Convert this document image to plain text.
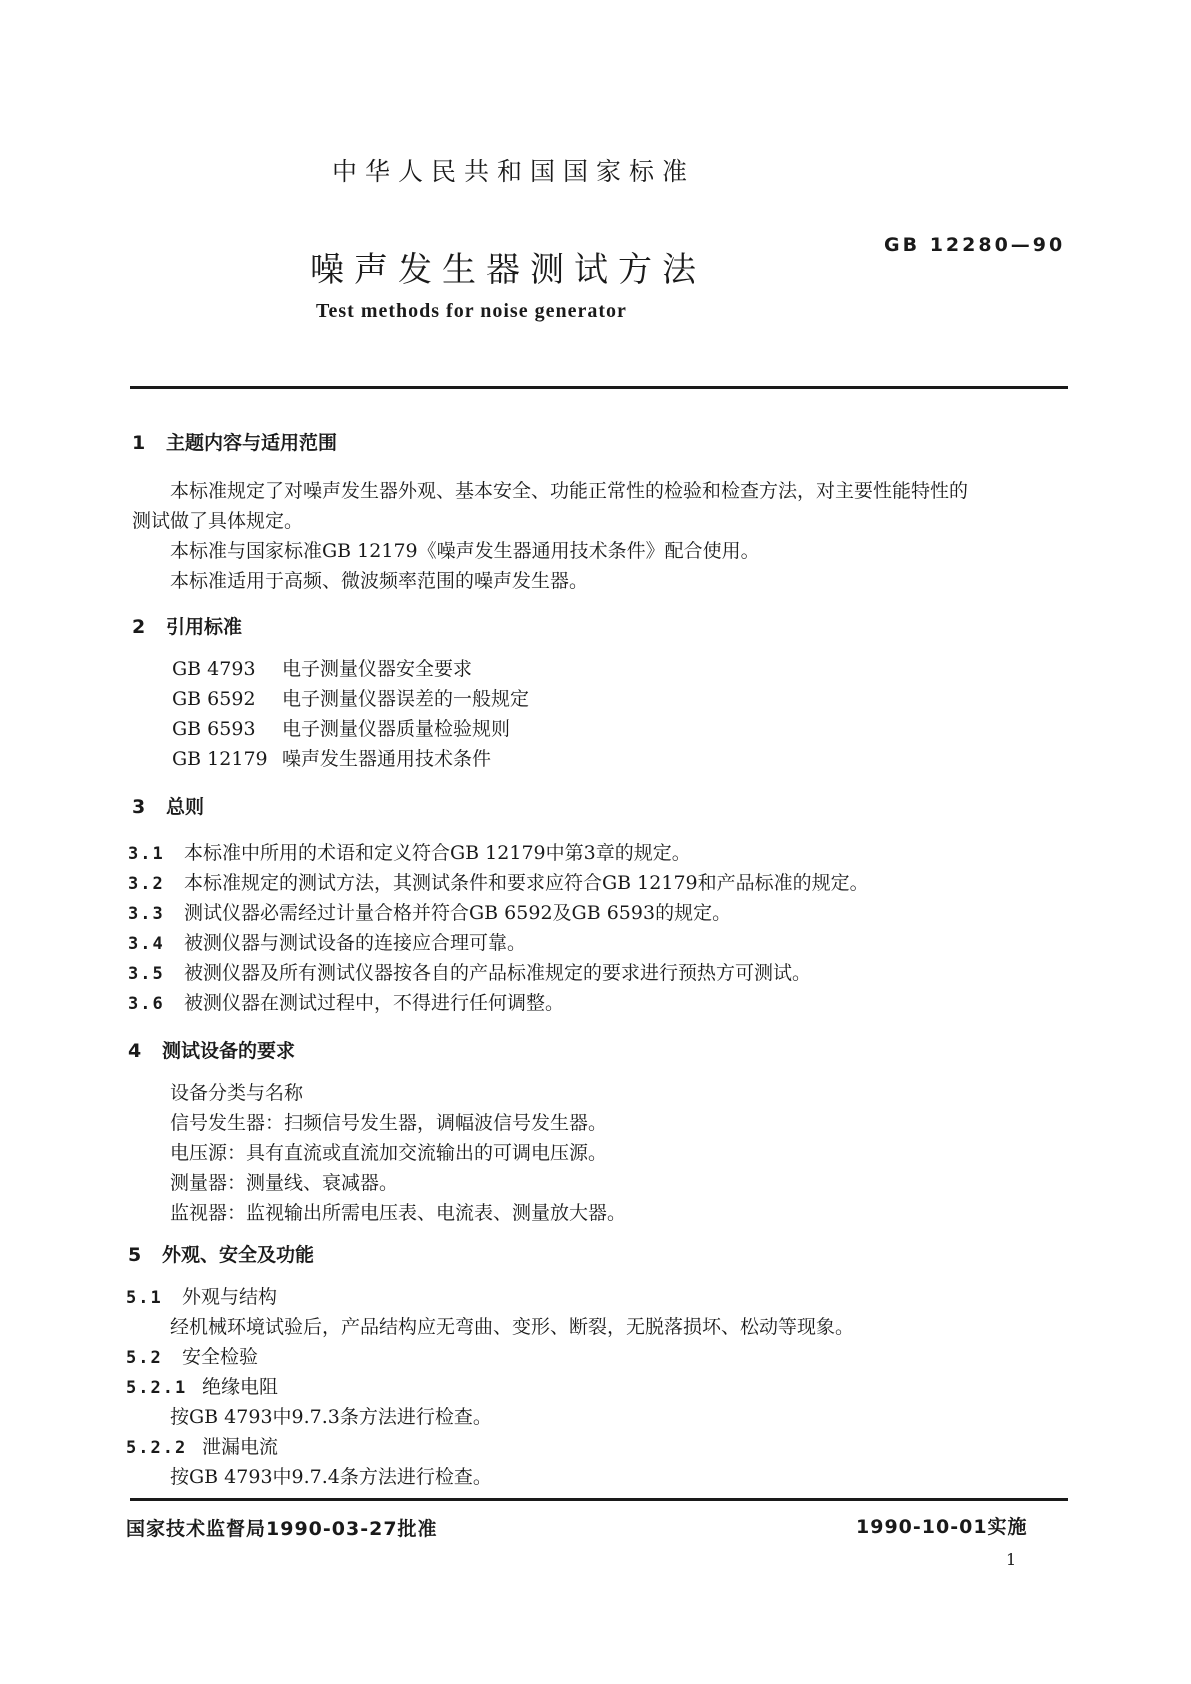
中华人民共和国国家标准
噪声发生器测试方法
GB 12280—90
Test methods for noise generator
1 主题内容与适用范围
本标准规定了对噪声发生器外观、基本安全、功能正常性的检验和检查方法，对主要性能特性的
测试做了具体规定。
本标准与国家标准GB 12179《噪声发生器通用技术条件》配合使用。
本标准适用于高频、微波频率范围的噪声发生器。
2 引用标准
GB 4793 电子测量仪器安全要求
GB 6592 电子测量仪器误差的一般规定
GB 6593 电子测量仪器质量检验规则
GB 12179 噪声发生器通用技术条件
3 总则
3.1 本标准中所用的术语和定义符合GB 12179中第3章的规定。
3.2 本标准规定的测试方法，其测试条件和要求应符合GB 12179和产品标准的规定。
3.3 测试仪器必需经过计量合格并符合GB 6592及GB 6593的规定。
3.4 被测仪器与测试设备的连接应合理可靠。
3.5 被测仪器及所有测试仪器按各自的产品标准规定的要求进行预热方可测试。
3.6 被测仪器在测试过程中，不得进行任何调整。
4 测试设备的要求
设备分类与名称
信号发生器：扫频信号发生器，调幅波信号发生器。
电压源：具有直流或直流加交流输出的可调电压源。
测量器：测量线、衰减器。
监视器：监视输出所需电压表、电流表、测量放大器。
5 外观、安全及功能
5.1 外观与结构
经机械环境试验后，产品结构应无弯曲、变形、断裂，无脱落损坏、松动等现象。
5.2 安全检验
5.2.1 绝缘电阻
按GB 4793中9.7.3条方法进行检查。
5.2.2 泄漏电流
按GB 4793中9.7.4条方法进行检查。
国家技术监督局1990-03-27批准	1990-10-01实施
1
